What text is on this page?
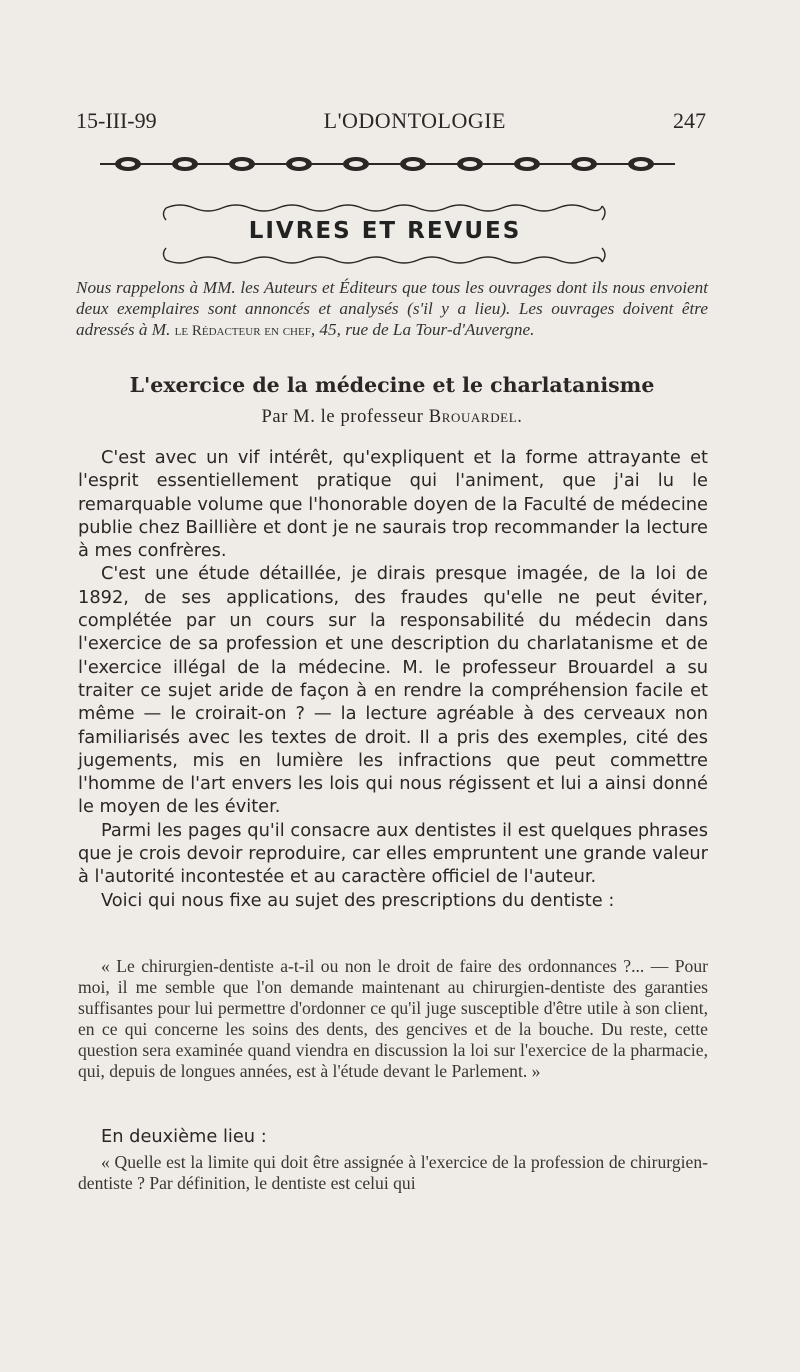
15-III-99	L'ODONTOLOGIE	247
LIVRES ET REVUES
Nous rappelons à MM. les Auteurs et Éditeurs que tous les ouvrages dont ils nous envoient deux exemplaires sont annoncés et analysés (s'il y a lieu). Les ouvrages doivent être adressés à M. le Rédacteur en chef, 45, rue de La Tour-d'Auvergne.
L'exercice de la médecine et le charlatanisme
Par M. le professeur Brouardel.

C'est avec un vif intérêt, qu'expliquent et la forme attrayante et l'esprit essentiellement pratique qui l'animent, que j'ai lu le remarquable volume que l'honorable doyen de la Faculté de médecine publie chez Baillière et dont je ne saurais trop recommander la lecture à mes confrères.

C'est une étude détaillée, je dirais presque imagée, de la loi de 1892, de ses applications, des fraudes qu'elle ne peut éviter, complétée par un cours sur la responsabilité du médecin dans l'exercice de sa profession et une description du charlatanisme et de l'exercice illégal de la médecine. M. le professeur Brouardel a su traiter ce sujet aride de façon à en rendre la compréhension facile et même — le croirait-on ? — la lecture agréable à des cerveaux non familiarisés avec les textes de droit. Il a pris des exemples, cité des jugements, mis en lumière les infractions que peut commettre l'homme de l'art envers les lois qui nous régissent et lui a ainsi donné le moyen de les éviter.

Parmi les pages qu'il consacre aux dentistes il est quelques phrases que je crois devoir reproduire, car elles empruntent une grande valeur à l'autorité incontestée et au caractère officiel de l'auteur.

Voici qui nous fixe au sujet des prescriptions du dentiste :

« Le chirurgien-dentiste a-t-il ou non le droit de faire des ordonnances ?... — Pour moi, il me semble que l'on demande maintenant au chirurgien-dentiste des garanties suffisantes pour lui permettre d'ordonner ce qu'il juge susceptible d'être utile à son client, en ce qui concerne les soins des dents, des gencives et de la bouche. Du reste, cette question sera examinée quand viendra en discussion la loi sur l'exercice de la pharmacie, qui, depuis de longues années, est à l'étude devant le Parlement. »

En deuxième lieu :

« Quelle est la limite qui doit être assignée à l'exercice de la profession de chirurgien-dentiste ? Par définition, le dentiste est celui qui
